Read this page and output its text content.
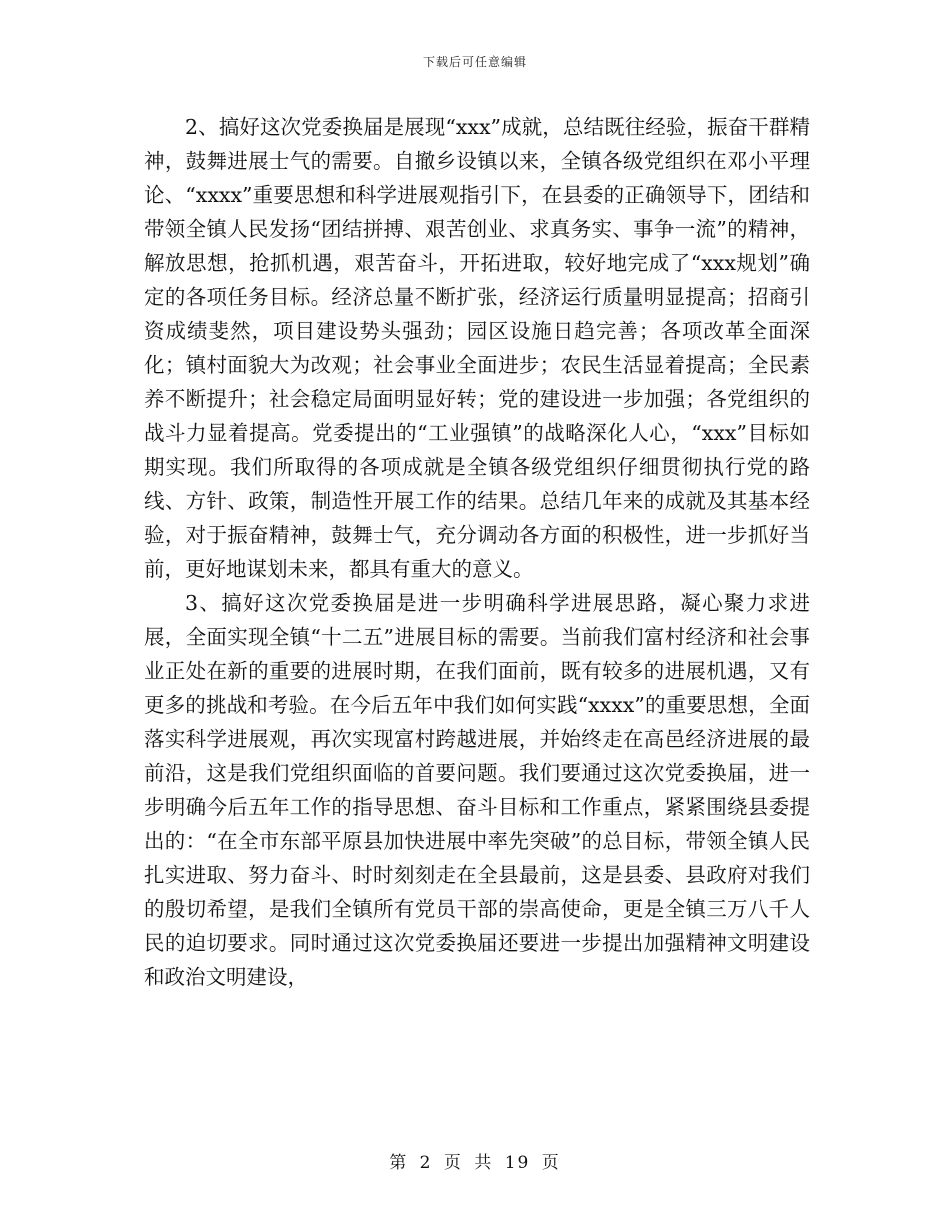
下载后可任意编辑

2、搞好这次党委换届是展现“xxx”成就，总结既往经验，振奋干群精神，鼓舞进展士气的需要。自撤乡设镇以来，全镇各级党组织在邓小平理论、“xxxx”重要思想和科学进展观指引下，在县委的正确领导下，团结和带领全镇人民发扬“团结拼搏、艰苦创业、求真务实、事争一流”的精神，解放思想，抢抓机遇，艰苦奋斗，开拓进取，较好地完成了“xxx规划”确定的各项任务目标。经济总量不断扩张，经济运行质量明显提高；招商引资成绩斐然，项目建设势头强劲；园区设施日趋完善；各项改革全面深化；镇村面貌大为改观；社会事业全面进步；农民生活显着提高；全民素养不断提升；社会稳定局面明显好转；党的建设进一步加强；各党组织的战斗力显着提高。党委提出的“工业强镇”的战略深化人心，“xxx”目标如期实现。我们所取得的各项成就是全镇各级党组织仔细贯彻执行党的路线、方针、政策，制造性开展工作的结果。总结几年来的成就及其基本经验，对于振奋精神，鼓舞士气，充分调动各方面的积极性，进一步抓好当前，更好地谋划未来，都具有重大的意义。

3、搞好这次党委换届是进一步明确科学进展思路，凝心聚力求进展，全面实现全镇“十二五”进展目标的需要。当前我们富村经济和社会事业正处在新的重要的进展时期，在我们面前，既有较多的进展机遇，又有更多的挑战和考验。在今后五年中我们如何实践“xxxx”的重要思想，全面落实科学进展观，再次实现富村跨越进展，并始终走在高邑经济进展的最前沿，这是我们党组织面临的首要问题。我们要通过这次党委换届，进一步明确今后五年工作的指导思想、奋斗目标和工作重点，紧紧围绕县委提出的：“在全市东部平原县加快进展中率先突破”的总目标，带领全镇人民扎实进取、努力奋斗、时时刻刻走在全县最前，这是县委、县政府对我们的殷切希望，是我们全镇所有党员干部的崇高使命，更是全镇三万八千人民的迫切要求。同时通过这次党委换届还要进一步提出加强精神文明建设和政治文明建设，

第 2 页 共 19 页
